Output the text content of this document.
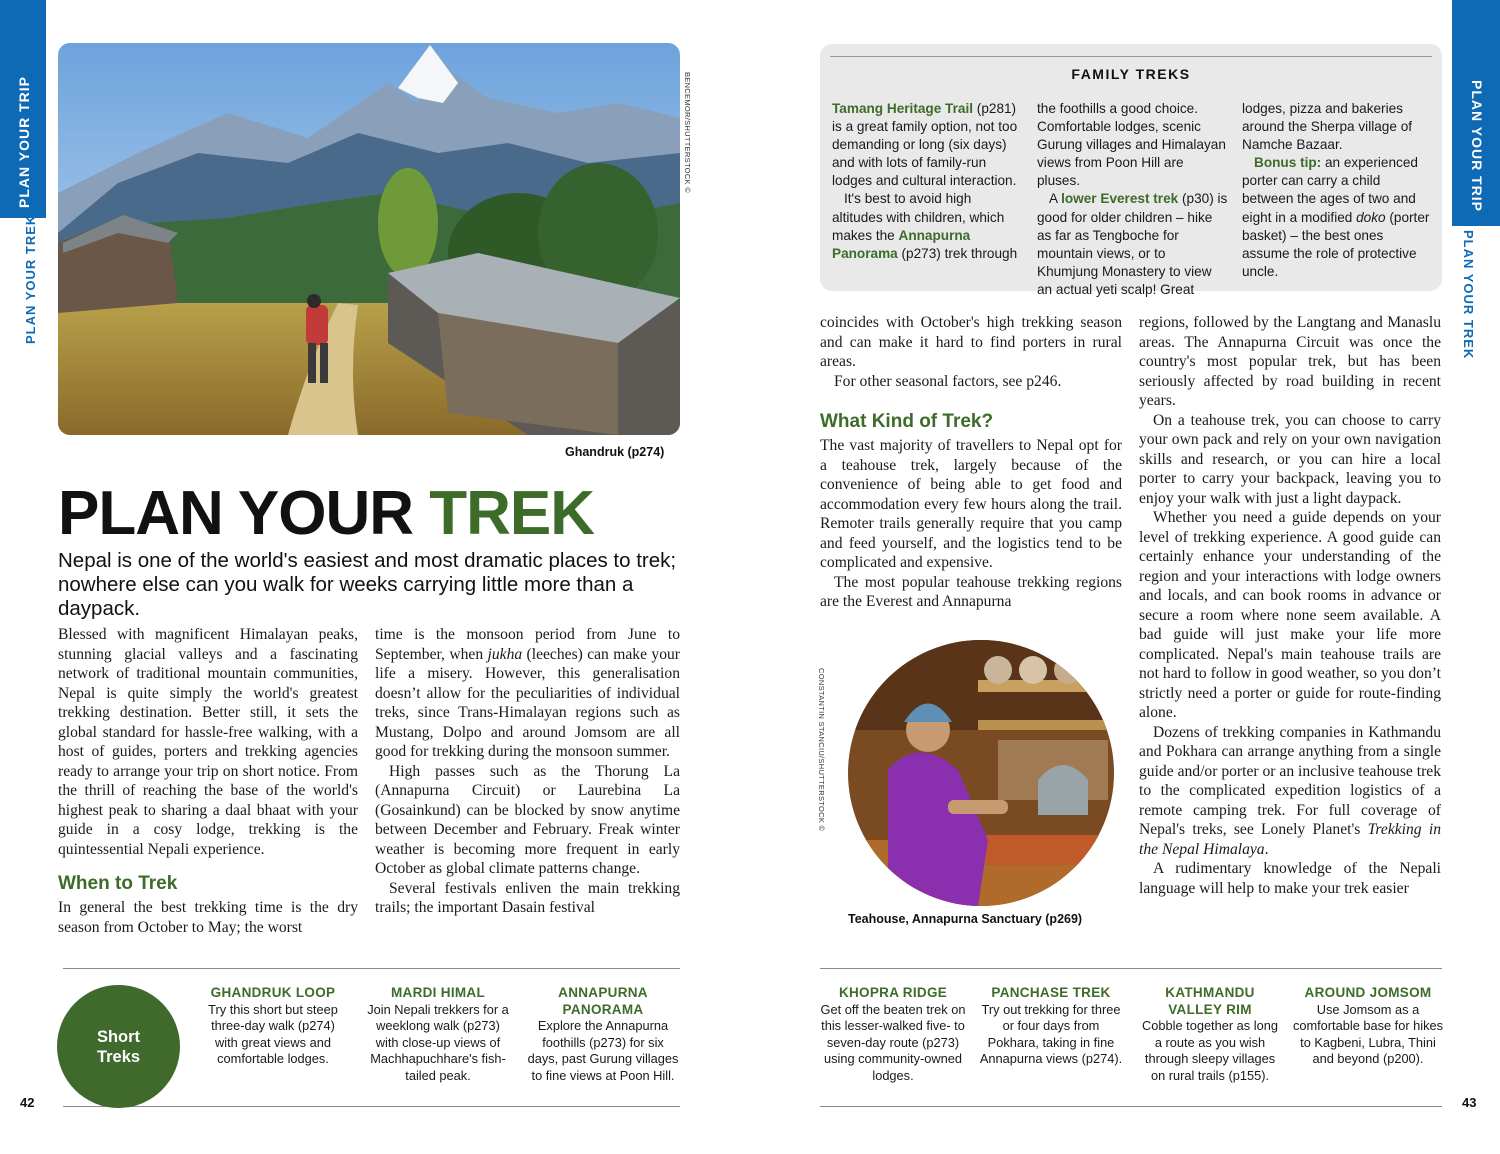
PLAN YOUR TRIP
PLAN YOUR TREK
BENCEMOR/SHUTTERSTOCK ©
Ghandruk (p274)
PLAN YOUR TREK
Nepal is one of the world's easiest and most dramatic places to trek; nowhere else can you walk for weeks carrying little more than a daypack.

Blessed with magnificent Himalayan peaks, stunning glacial valleys and a fascinating network of traditional mountain communities, Nepal is quite simply the world's greatest trekking destination. Better still, it sets the global standard for hassle-free walking, with a host of guides, porters and trekking agencies ready to arrange your trip on short notice. From the thrill of reaching the base of the world's highest peak to sharing a daal bhaat with your guide in a cosy lodge, trekking is the quintessential Nepali experience.

When to Trek

In general the best trekking time is the dry season from October to May; the worst

time is the monsoon period from June to September, when jukha (leeches) can make your life a misery. However, this generalisation doesn’t allow for the peculiarities of individual treks, since Trans-Himalayan regions such as Mustang, Dolpo and around Jomsom are all good for trekking during the monsoon summer.

High passes such as the Thorung La (Annapurna Circuit) or Laurebina La (Gosainkund) can be blocked by snow anytime between December and February. Freak winter weather is becoming more frequent in early October as global climate patterns change.

Several festivals enliven the main trekking trails; the important Dasain festival

Short Treks
GHANDRUK LOOP
Try this short but steep three-day walk (p274) with great views and comfortable lodges.
MARDI HIMAL
Join Nepali trekkers for a weeklong walk (p273) with close-up views of Machhapuchhare's fish-tailed peak.
ANNAPURNA PANORAMA
Explore the Annapurna foothills (p273) for six days, past Gurung villages to fine views at Poon Hill.
42
FAMILY TREKS
Tamang Heritage Trail (p281) is a great family option, not too demanding or long (six days) and with lots of family-run lodges and cultural interaction.
It's best to avoid high altitudes with children, which makes the Annapurna Panorama (p273) trek through
the foothills a good choice. Comfortable lodges, scenic Gurung villages and Himalayan views from Poon Hill are pluses.
A lower Everest trek (p30) is good for older children – hike as far as Tengboche for mountain views, or to Khumjung Monastery to view an actual yeti scalp! Great
lodges, pizza and bakeries around the Sherpa village of Namche Bazaar.
Bonus tip: an experienced porter can carry a child between the ages of two and eight in a modified doko (porter basket) – the best ones assume the role of protective uncle.
PLAN YOUR TRIP
PLAN YOUR TREK

coincides with October's high trekking season and can make it hard to find porters in rural areas.

For other seasonal factors, see p246.

What Kind of Trek?

The vast majority of travellers to Nepal opt for a teahouse trek, largely because of the convenience of being able to get food and accommodation every few hours along the trail. Remoter trails generally require that you camp and feed yourself, and the logistics tend to be complicated and expensive.

The most popular teahouse trekking regions are the Everest and Annapurna

CONSTANTIN STANCIU/SHUTTERSTOCK ©
Teahouse, Annapurna Sanctuary (p269)

regions, followed by the Langtang and Manaslu areas. The Annapurna Circuit was once the country's most popular trek, but has been seriously affected by road building in recent years.

On a teahouse trek, you can choose to carry your own pack and rely on your own navigation skills and research, or you can hire a local porter to carry your backpack, leaving you to enjoy your walk with just a light daypack.

Whether you need a guide depends on your level of trekking experience. A good guide can certainly enhance your understanding of the region and your interactions with lodge owners and locals, and can book rooms in advance or secure a room where none seem available. A bad guide will just make your life more complicated. Nepal's main teahouse trails are not hard to follow in good weather, so you don’t strictly need a porter or guide for route-finding alone.

Dozens of trekking companies in Kathmandu and Pokhara can arrange anything from a single guide and/or porter or an inclusive teahouse trek to the complicated expedition logistics of a remote camping trek. For full coverage of Nepal's treks, see Lonely Planet's Trekking in the Nepal Himalaya.

A rudimentary knowledge of the Nepali language will help to make your trek easier

KHOPRA RIDGE
Get off the beaten trek on this lesser-walked five- to seven-day route (p273) using community-owned lodges.
PANCHASE TREK
Try out trekking for three or four days from Pokhara, taking in fine Annapurna views (p274).
KATHMANDU VALLEY RIM
Cobble together as long a route as you wish through sleepy villages on rural trails (p155).
AROUND JOMSOM
Use Jomsom as a comfortable base for hikes to Kagbeni, Lubra, Thini and beyond (p200).
43
